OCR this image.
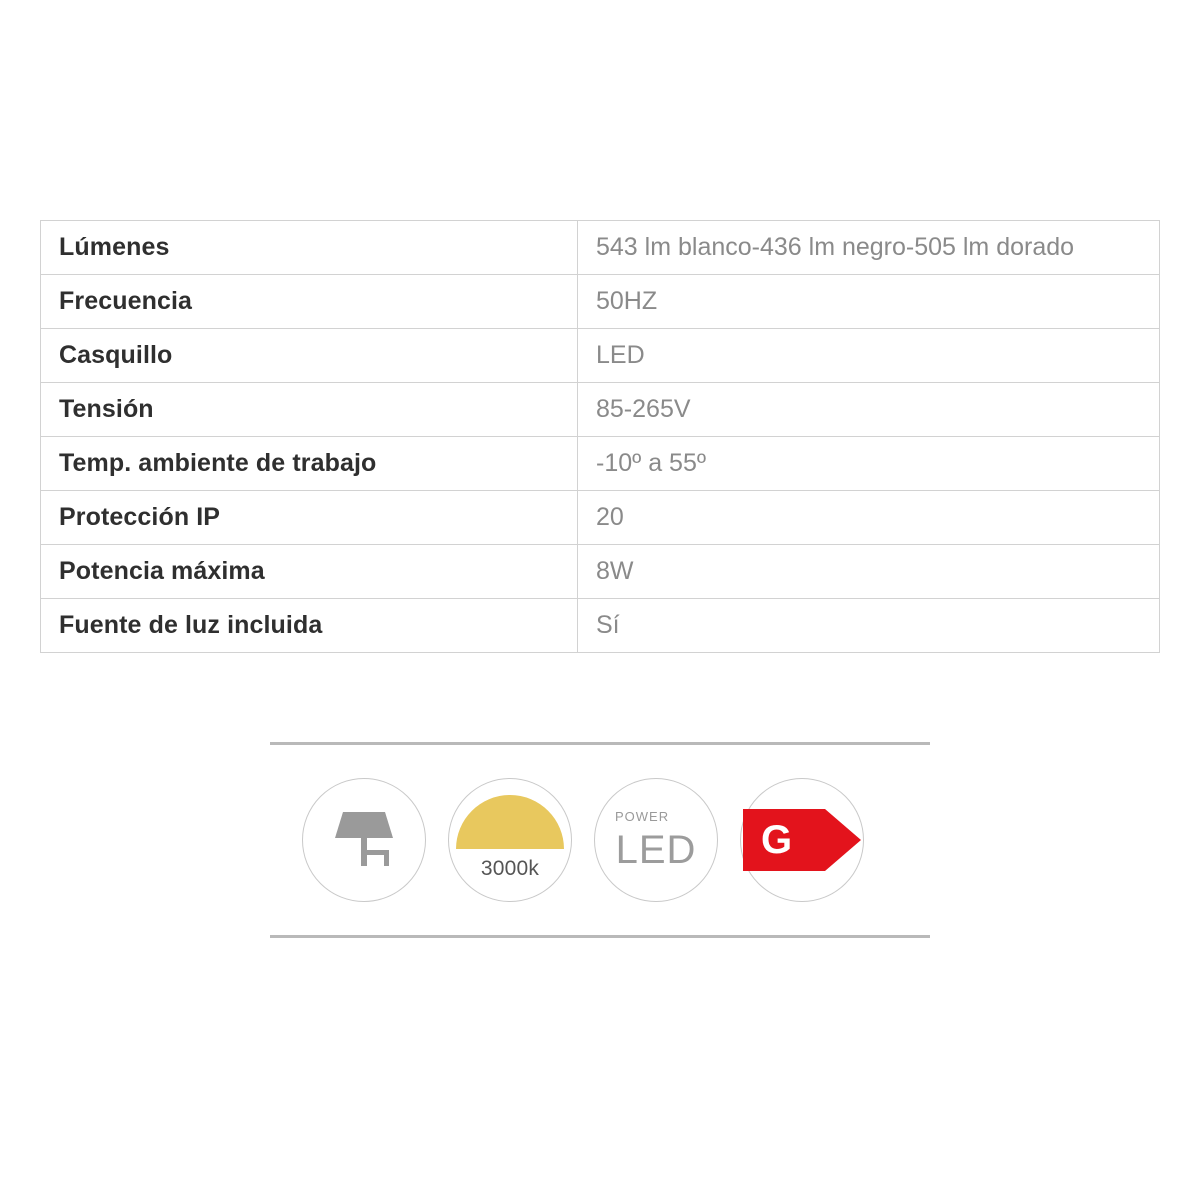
Lúmenes	543 lm blanco-436 lm negro-505 lm dorado
Frecuencia	50HZ
Casquillo	LED
Tensión	85-265V
Temp. ambiente de trabajo	-10º a 55º
Protección IP	20
Potencia máxima	8W
Fuente de luz incluida	Sí
3000k
POWER
LED G
